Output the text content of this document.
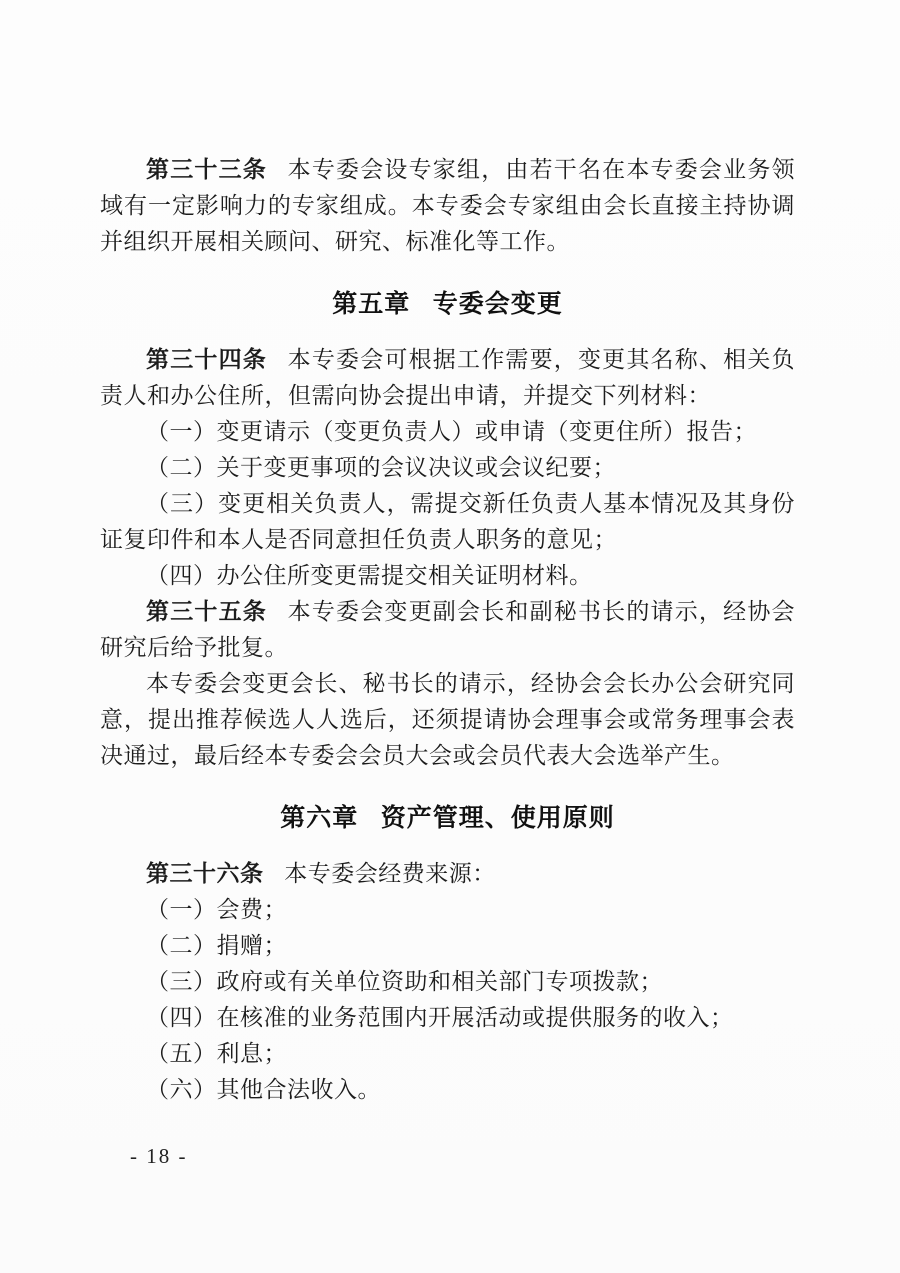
第三十三条 本专委会设专家组，由若干名在本专委会业务领域有一定影响力的专家组成。本专委会专家组由会长直接主持协调并组织开展相关顾问、研究、标准化等工作。

第五章 专委会变更

第三十四条 本专委会可根据工作需要，变更其名称、相关负责人和办公住所，但需向协会提出申请，并提交下列材料：

（一）变更请示（变更负责人）或申请（变更住所）报告；

（二）关于变更事项的会议决议或会议纪要；

（三）变更相关负责人，需提交新任负责人基本情况及其身份证复印件和本人是否同意担任负责人职务的意见；

（四）办公住所变更需提交相关证明材料。

第三十五条 本专委会变更副会长和副秘书长的请示，经协会研究后给予批复。

本专委会变更会长、秘书长的请示，经协会会长办公会研究同意，提出推荐候选人人选后，还须提请协会理事会或常务理事会表决通过，最后经本专委会会员大会或会员代表大会选举产生。

第六章 资产管理、使用原则

第三十六条 本专委会经费来源：

（一）会费；

（二）捐赠；

（三）政府或有关单位资助和相关部门专项拨款；

（四）在核准的业务范围内开展活动或提供服务的收入；

（五）利息；

（六）其他合法收入。

- 18 -
